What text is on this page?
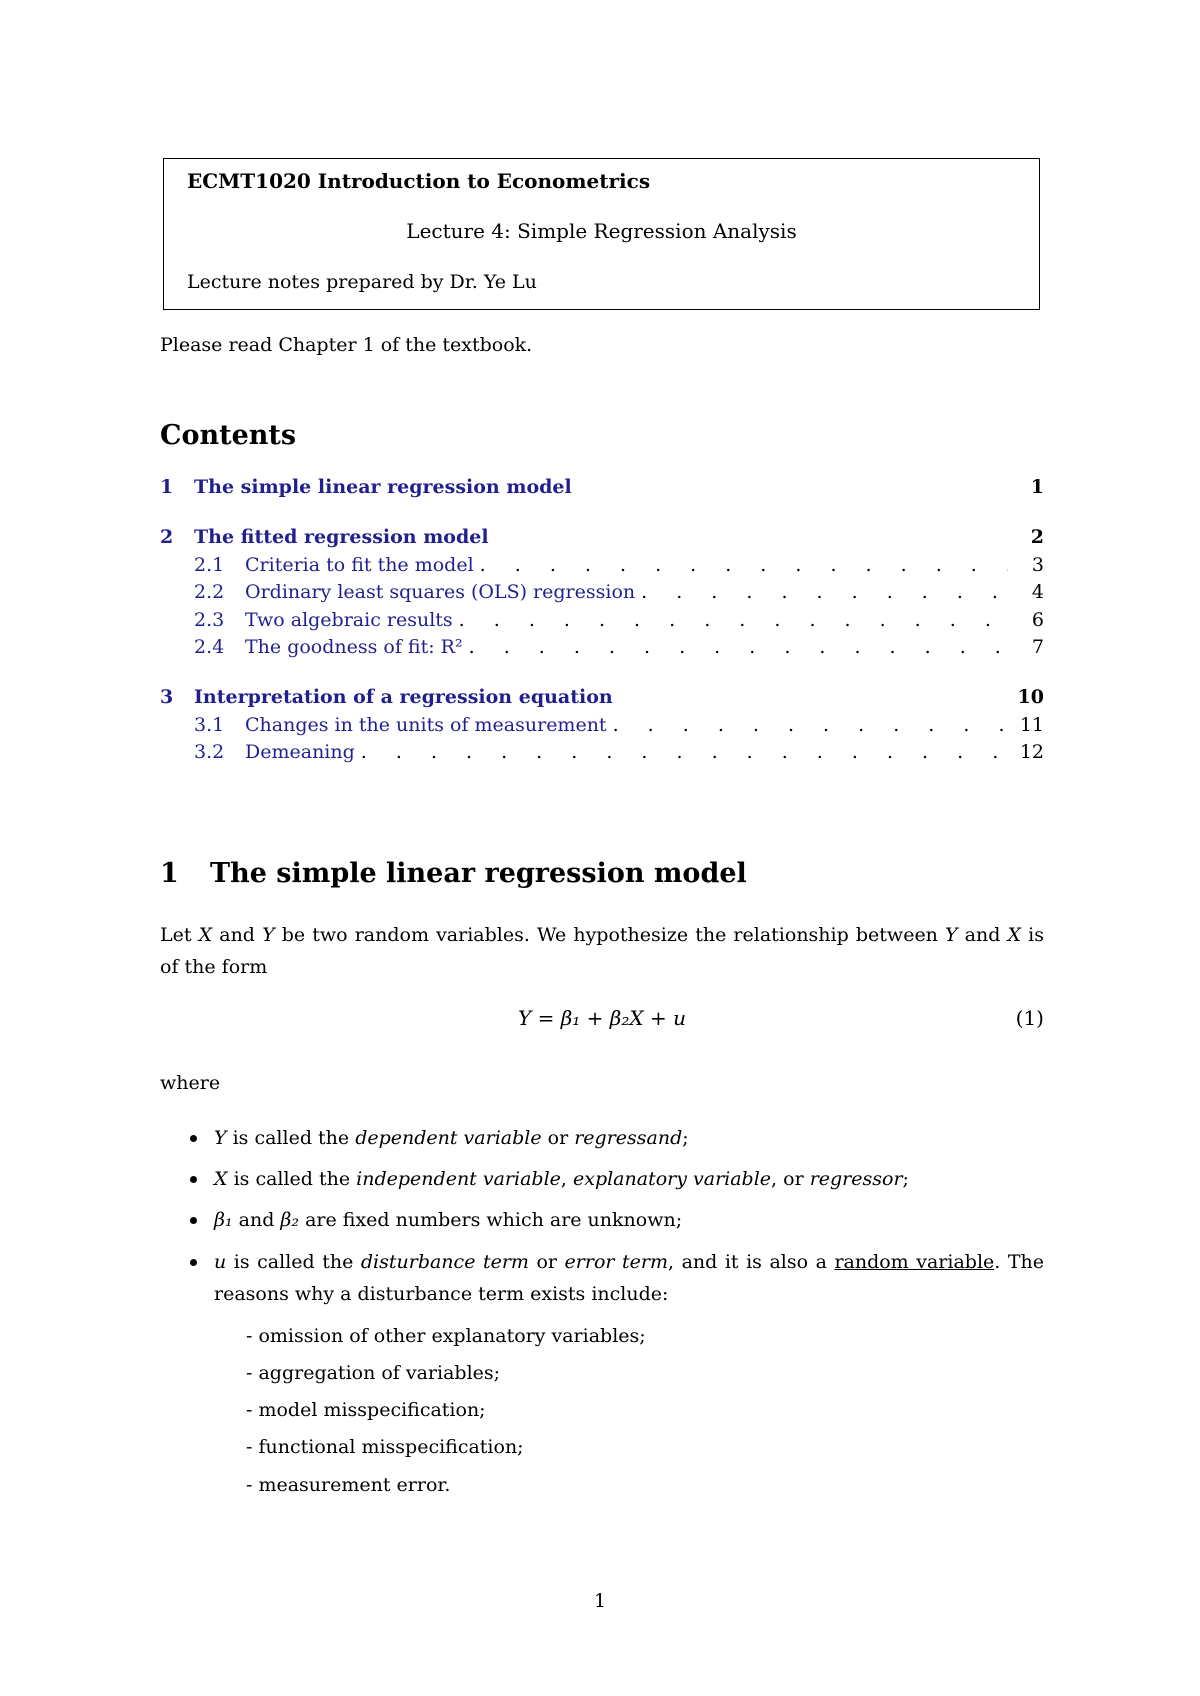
ECMT1020 Introduction to Econometrics
Lecture 4: Simple Regression Analysis
Lecture notes prepared by Dr. Ye Lu
Please read Chapter 1 of the textbook.
Contents
1	The simple linear regression model	1
2	The fitted regression model	2
2.1	Criteria to fit the model . . .	3
2.2	Ordinary least squares (OLS) regression . . .	4
2.3	Two algebraic results . . .	6
2.4	The goodness of fit: R² . . .	7
3	Interpretation of a regression equation	10
3.1	Changes in the units of measurement . . .	11
3.2	Demeaning . . .	12
1 The simple linear regression model
Let X and Y be two random variables. We hypothesize the relationship between Y and X is of the form
Y = β₁ + β₂X + u	(1)
where
Y is called the dependent variable or regressand;
X is called the independent variable, explanatory variable, or regressor;
β₁ and β₂ are fixed numbers which are unknown;
u is called the disturbance term or error term, and it is also a random variable. The reasons why a disturbance term exists include:
- omission of other explanatory variables;
- aggregation of variables;
- model misspecification;
- functional misspecification;
- measurement error.
1
